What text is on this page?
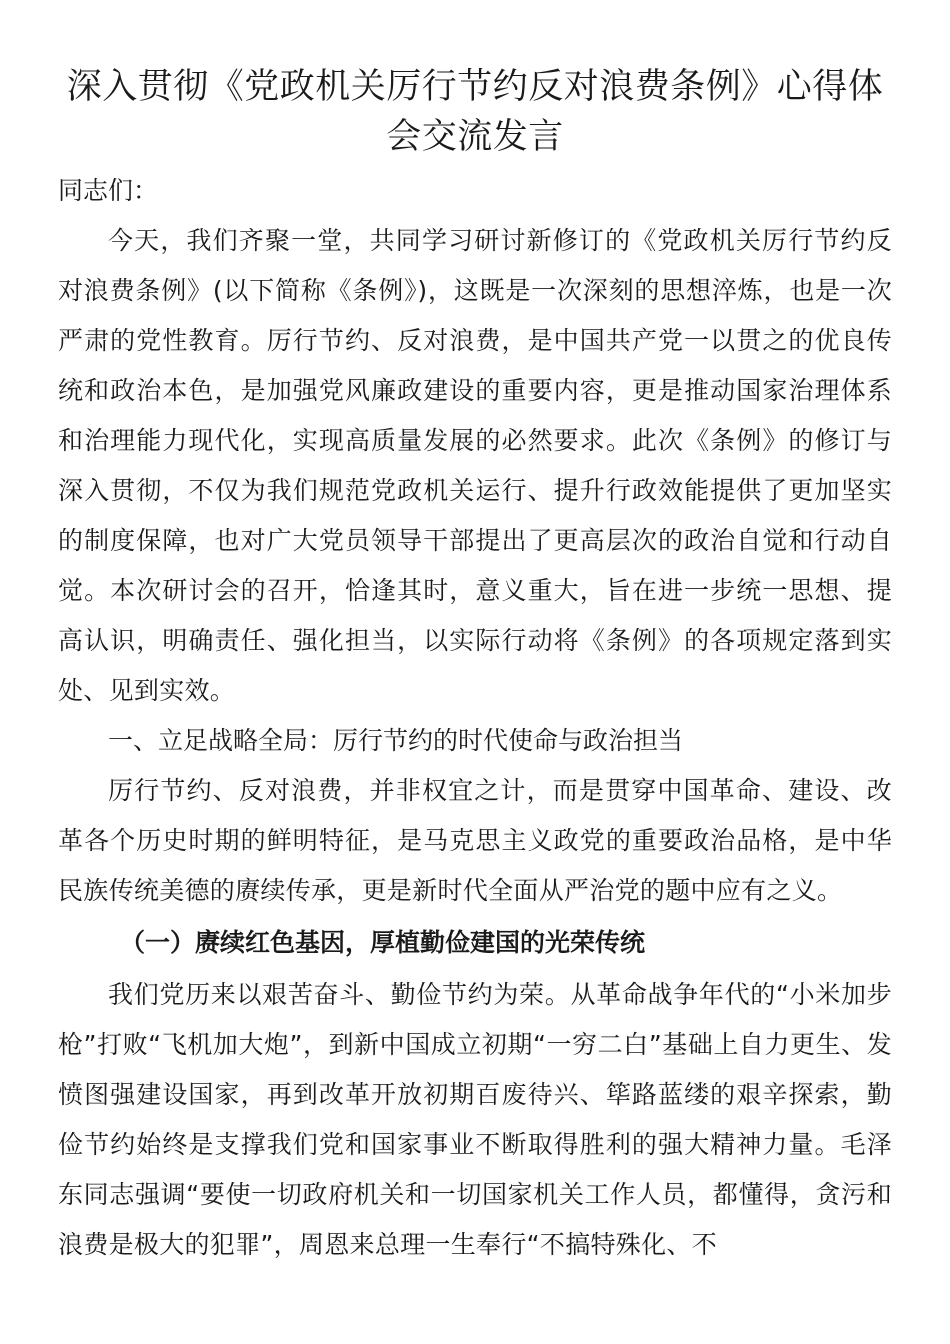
深入贯彻《党政机关厉行节约反对浪费条例》心得体会交流发言

同志们：

今天，我们齐聚一堂，共同学习研讨新修订的《党政机关厉行节约反对浪费条例》(以下简称《条例》)，这既是一次深刻的思想淬炼，也是一次严肃的党性教育。厉行节约、反对浪费，是中国共产党一以贯之的优良传统和政治本色，是加强党风廉政建设的重要内容，更是推动国家治理体系和治理能力现代化，实现高质量发展的必然要求。此次《条例》的修订与深入贯彻，不仅为我们规范党政机关运行、提升行政效能提供了更加坚实的制度保障，也对广大党员领导干部提出了更高层次的政治自觉和行动自觉。本次研讨会的召开，恰逢其时，意义重大，旨在进一步统一思想、提高认识，明确责任、强化担当，以实际行动将《条例》的各项规定落到实处、见到实效。

一、立足战略全局：厉行节约的时代使命与政治担当

厉行节约、反对浪费，并非权宜之计，而是贯穿中国革命、建设、改革各个历史时期的鲜明特征，是马克思主义政党的重要政治品格，是中华民族传统美德的赓续传承，更是新时代全面从严治党的题中应有之义。

（一）赓续红色基因，厚植勤俭建国的光荣传统

我们党历来以艰苦奋斗、勤俭节约为荣。从革命战争年代的“小米加步枪”打败“飞机加大炮”，到新中国成立初期“一穷二白”基础上自力更生、发愤图强建设国家，再到改革开放初期百废待兴、筚路蓝缕的艰辛探索，勤俭节约始终是支撑我们党和国家事业不断取得胜利的强大精神力量。毛泽东同志强调“要使一切政府机关和一切国家机关工作人员，都懂得，贪污和浪费是极大的犯罪”，周恩来总理一生奉行“不搞特殊化、不
